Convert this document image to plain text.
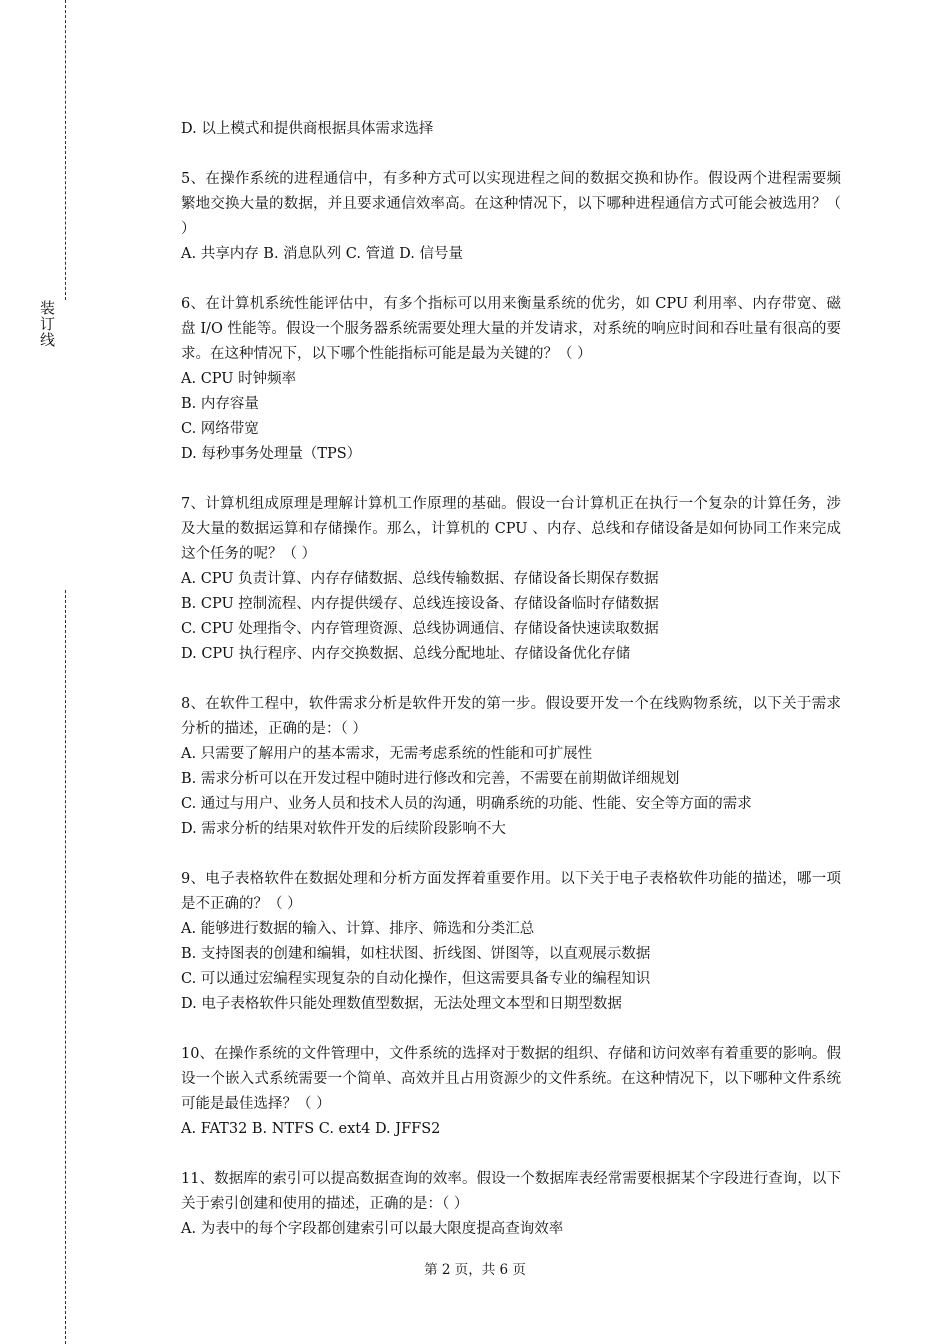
装订线

D. 以上模式和提供商根据具体需求选择

5、在操作系统的进程通信中，有多种方式可以实现进程之间的数据交换和协作。假设两个进程需要频繁地交换大量的数据，并且要求通信效率高。在这种情况下，以下哪种进程通信方式可能会被选用？（ ）

A. 共享内存 B. 消息队列 C. 管道 D. 信号量

6、在计算机系统性能评估中，有多个指标可以用来衡量系统的优劣，如 CPU 利用率、内存带宽、磁盘 I/O 性能等。假设一个服务器系统需要处理大量的并发请求，对系统的响应时间和吞吐量有很高的要求。在这种情况下，以下哪个性能指标可能是最为关键的？（ ）

A. CPU 时钟频率

B. 内存容量

C. 网络带宽

D. 每秒事务处理量（TPS）

7、计算机组成原理是理解计算机工作原理的基础。假设一台计算机正在执行一个复杂的计算任务，涉及大量的数据运算和存储操作。那么，计算机的 CPU 、内存、总线和存储设备是如何协同工作来完成这个任务的呢？（ ）

A. CPU 负责计算、内存存储数据、总线传输数据、存储设备长期保存数据

B. CPU 控制流程、内存提供缓存、总线连接设备、存储设备临时存储数据

C. CPU 处理指令、内存管理资源、总线协调通信、存储设备快速读取数据

D. CPU 执行程序、内存交换数据、总线分配地址、存储设备优化存储

8、在软件工程中，软件需求分析是软件开发的第一步。假设要开发一个在线购物系统，以下关于需求分析的描述，正确的是：（ ）

A. 只需要了解用户的基本需求，无需考虑系统的性能和可扩展性

B. 需求分析可以在开发过程中随时进行修改和完善，不需要在前期做详细规划

C. 通过与用户、业务人员和技术人员的沟通，明确系统的功能、性能、安全等方面的需求

D. 需求分析的结果对软件开发的后续阶段影响不大

9、电子表格软件在数据处理和分析方面发挥着重要作用。以下关于电子表格软件功能的描述，哪一项是不正确的？（ ）

A. 能够进行数据的输入、计算、排序、筛选和分类汇总

B. 支持图表的创建和编辑，如柱状图、折线图、饼图等，以直观展示数据

C. 可以通过宏编程实现复杂的自动化操作，但这需要具备专业的编程知识

D. 电子表格软件只能处理数值型数据，无法处理文本型和日期型数据

10、在操作系统的文件管理中，文件系统的选择对于数据的组织、存储和访问效率有着重要的影响。假设一个嵌入式系统需要一个简单、高效并且占用资源少的文件系统。在这种情况下，以下哪种文件系统可能是最佳选择？（ ）

A. FAT32 B. NTFS C. ext4 D. JFFS2

11、数据库的索引可以提高数据查询的效率。假设一个数据库表经常需要根据某个字段进行查询，以下关于索引创建和使用的描述，正确的是：（ ）

A. 为表中的每个字段都创建索引可以最大限度提高查询效率

第 2 页，共 6 页
